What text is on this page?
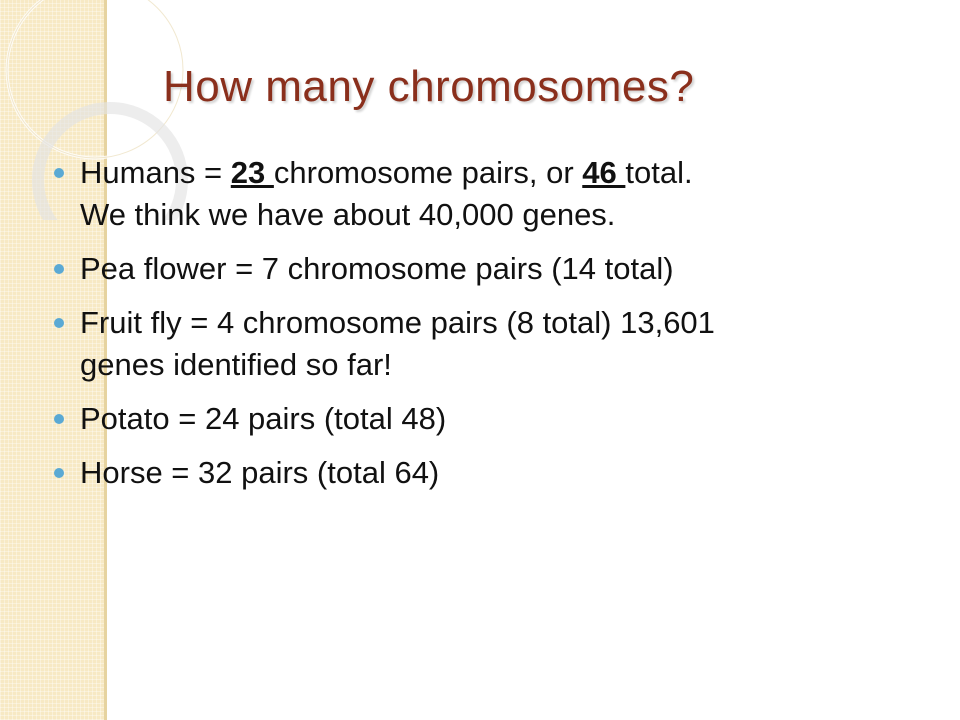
How many chromosomes?
Humans = 23 chromosome pairs, or 46 total.
We think we have about 40,000 genes.
Pea flower = 7 chromosome pairs (14 total)
Fruit fly = 4 chromosome pairs (8 total) 13,601
genes identified so far!
Potato = 24 pairs (total 48)
Horse = 32 pairs (total 64)
